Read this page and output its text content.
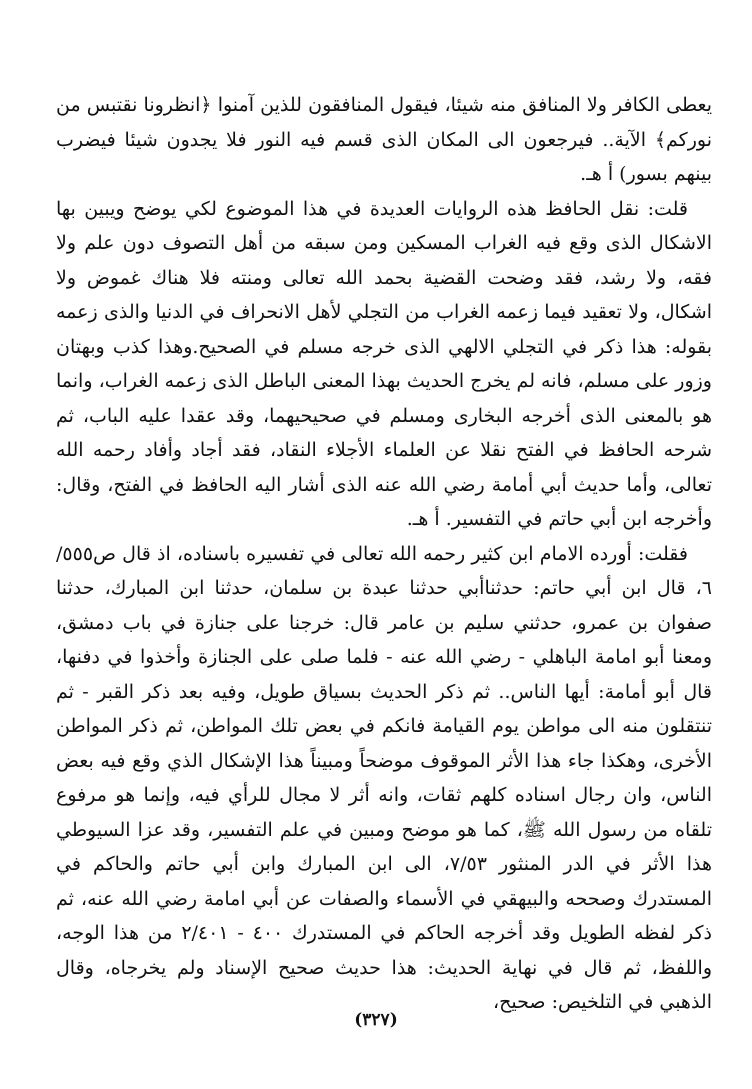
يعطى الكافر ولا المنافق منه شيئا، فيقول المنافقون للذين آمنوا ﴿انظرونا نقتبس من نوركم﴾ الآية.. فيرجعون الى المكان الذى قسم فيه النور فلا يجدون شيئا فيضرب بينهم بسور) أ هـ.

قلت: نقل الحافظ هذه الروايات العديدة في هذا الموضوع لكي يوضح ويبين بها الاشكال الذى وقع فيه الغراب المسكين ومن سبقه من أهل التصوف دون علم ولا فقه، ولا رشد، فقد وضحت القضية بحمد الله تعالى ومنته فلا هناك غموض ولا اشكال، ولا تعقيد فيما زعمه الغراب من التجلي لأهل الانحراف في الدنيا والذى زعمه بقوله: هذا ذكر في التجلي الالهي الذى خرجه مسلم في الصحيح.وهذا كذب وبهتان وزور على مسلم، فانه لم يخرج الحديث بهذا المعنى الباطل الذى زعمه الغراب، وانما هو بالمعنى الذى أخرجه البخارى ومسلم في صحيحيهما، وقد عقدا عليه الباب، ثم شرحه الحافظ في الفتح نقلا عن العلماء الأجلاء النقاد، فقد أجاد وأفاد رحمه الله تعالى، وأما حديث أبي أمامة رضي الله عنه الذى أشار اليه الحافظ في الفتح، وقال: وأخرجه ابن أبي حاتم في التفسير. أ هـ.

فقلت: أورده الامام ابن كثير رحمه الله تعالى في تفسيره باسناده، اذ قال ص٥٥٥/ ٦، قال ابن أبي حاتم: حدثناأبي حدثنا عبدة بن سلمان، حدثنا ابن المبارك، حدثنا صفوان بن عمرو، حدثني سليم بن عامر قال: خرجنا على جنازة في باب دمشق، ومعنا أبو امامة الباهلي - رضي الله عنه - فلما صلى على الجنازة وأخذوا في دفنها، قال أبو أمامة: أيها الناس.. ثم ذكر الحديث بسياق طويل، وفيه بعد ذكر القبر - ثم تنتقلون منه الى مواطن يوم القيامة فانكم في بعض تلك المواطن، ثم ذكر المواطن الأخرى، وهكذا جاء هذا الأثر الموقوف موضحاً ومبيناً هذا الإشكال الذي وقع فيه بعض الناس، وان رجال اسناده كلهم ثقات، وانه أثر لا مجال للرأي فيه، وإنما هو مرفوع تلقاه من رسول الله ﷺ، كما هو موضح ومبين في علم التفسير، وقد عزا السيوطي هذا الأثر في الدر المنثور ٧/٥٣، الى ابن المبارك وابن أبي حاتم والحاكم في المستدرك وصححه والبيهقي في الأسماء والصفات عن أبي امامة رضي الله عنه، ثم ذكر لفظه الطويل وقد أخرجه الحاكم في المستدرك ٤٠٠ - ٢/٤٠١ من هذا الوجه، واللفظ، ثم قال في نهاية الحديث: هذا حديث صحيح الإسناد ولم يخرجاه، وقال الذهبي في التلخيص: صحيح،

(٣٢٧)
